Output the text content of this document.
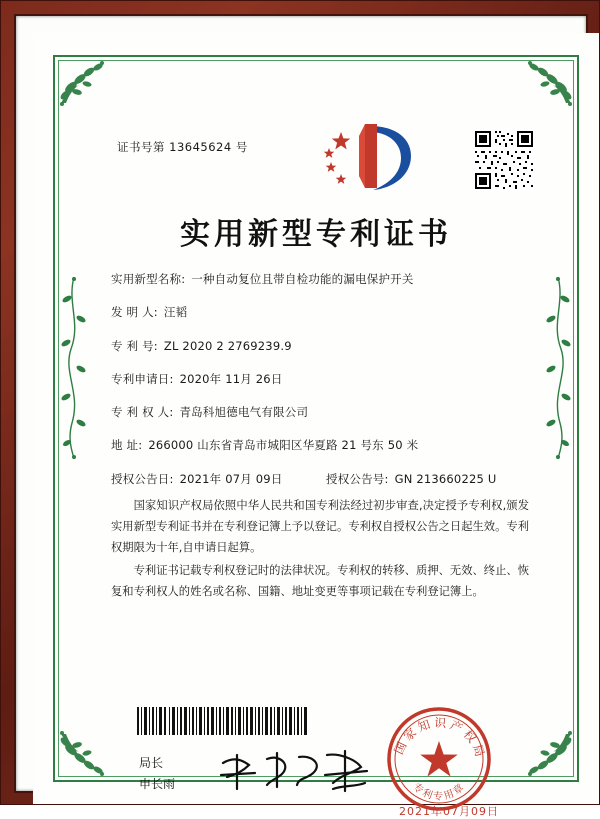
证书号第 13645624 号
实用新型专利证书
实用新型名称: 一种自动复位且带自检功能的漏电保护开关
发 明 人: 汪韬
专 利 号: ZL 2020 2 2769239.9
专利申请日: 2020年 11月 26日
专 利 权 人: 青岛科旭德电气有限公司
地 址: 266000 山东省青岛市城阳区华夏路 21 号东 50 米
授权公告日: 2021年 07月 09日	授权公告号: GN 213660225 U

国家知识产权局依照中华人民共和国专利法经过初步审查,决定授予专利权,颁发实用新型专利证书并在专利登记簿上予以登记。专利权自授权公告之日起生效。专利权期限为十年,自申请日起算。

专利证书记载专利权登记时的法律状况。专利权的转移、质押、无效、终止、恢复和专利权人的姓名或名称、国籍、地址变更等事项记载在专利登记簿上。

局长
申长雨
国家知识产权局
专利专用章
2021年07月09日
